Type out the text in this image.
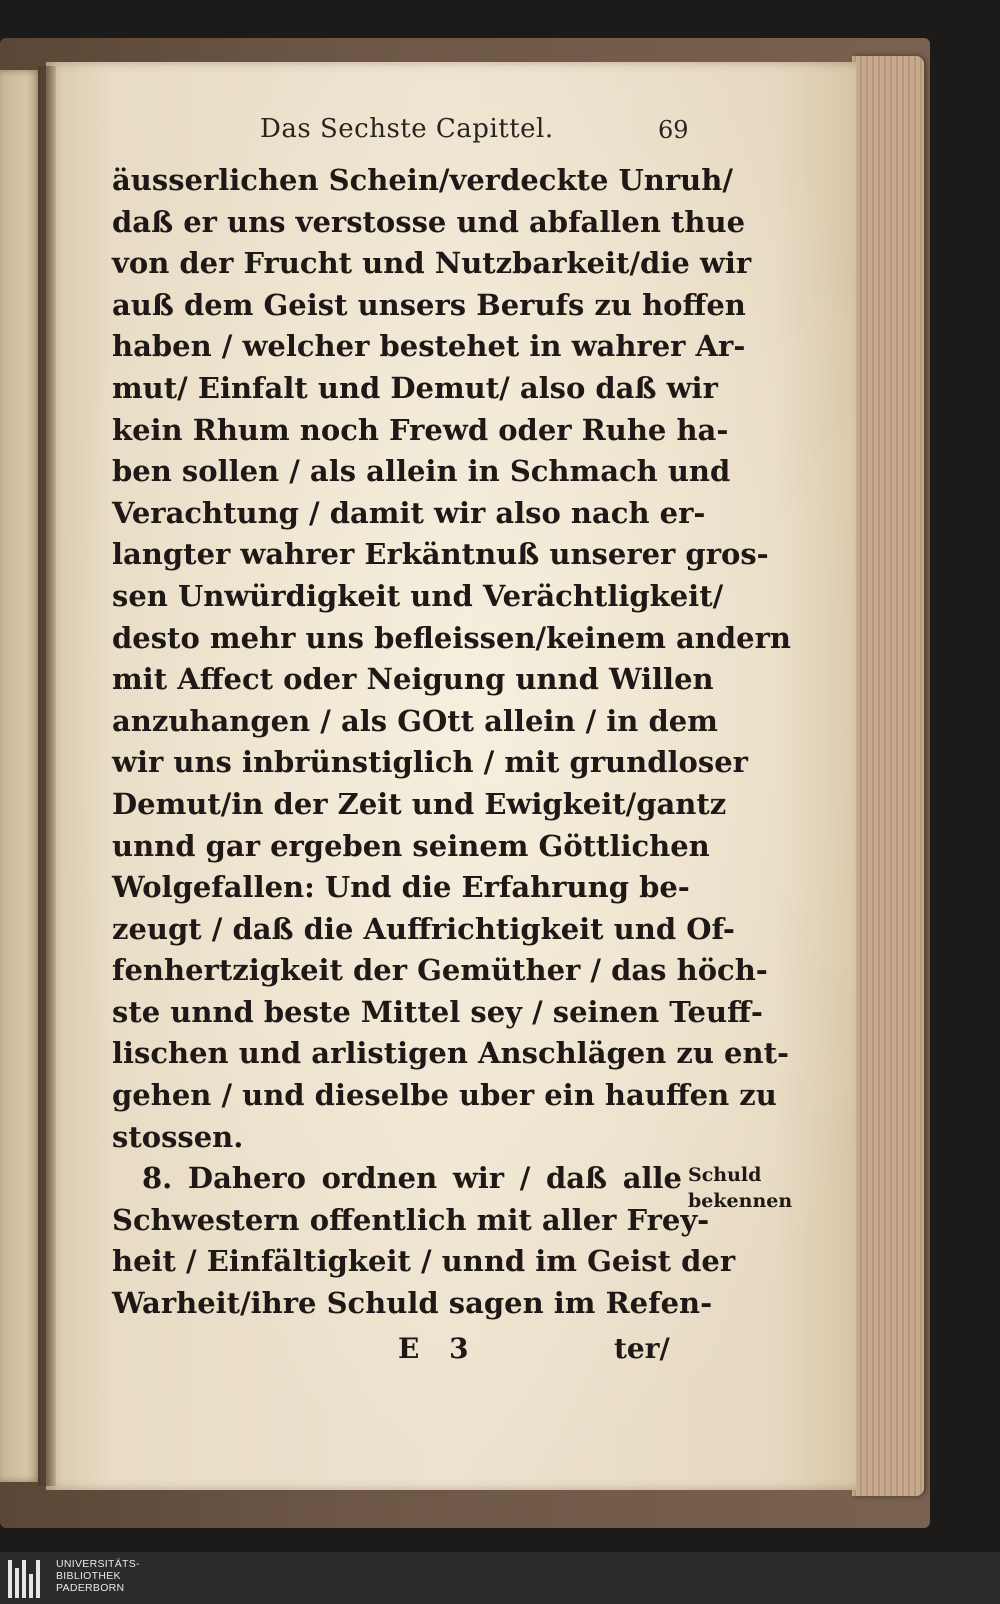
Das Sechste Capittel.	69
äusserlichen Schein/verdeckte Unruh/
daß er uns verstosse und abfallen thue
von der Frucht und Nutzbarkeit/die wir
auß dem Geist unsers Berufs zu hoffen
haben / welcher bestehet in wahrer Ar-
mut/ Einfalt und Demut/ also daß wir
kein Rhum noch Frewd oder Ruhe ha-
ben sollen / als allein in Schmach und
Verachtung / damit wir also nach er-
langter wahrer Erkäntnuß unserer gros-
sen Unwürdigkeit und Verächtligkeit/
desto mehr uns befleissen/keinem andern
mit Affect oder Neigung unnd Willen
anzuhangen / als GOtt allein / in dem
wir uns inbrünstiglich / mit grundloser
Demut/in der Zeit und Ewigkeit/gantz
unnd gar ergeben seinem Göttlichen
Wolgefallen: Und die Erfahrung be-
zeugt / daß die Auffrichtigkeit und Of-
fenhertzigkeit der Gemüther / das höch-
ste unnd beste Mittel sey / seinen Teuff-
lischen und arlistigen Anschlägen zu ent-
gehen / und dieselbe uber ein hauffen zu
stossen.
8. Dahero ordnen wir / daß alle
Schwestern offentlich mit aller Frey-
heit / Einfältigkeit / unnd im Geist der
Warheit/ihre Schuld sagen im Refen-
Schuld
bekennen
E 3	ter/
UNIVERSITÄTS-
BIBLIOTHEK
PADERBORN
